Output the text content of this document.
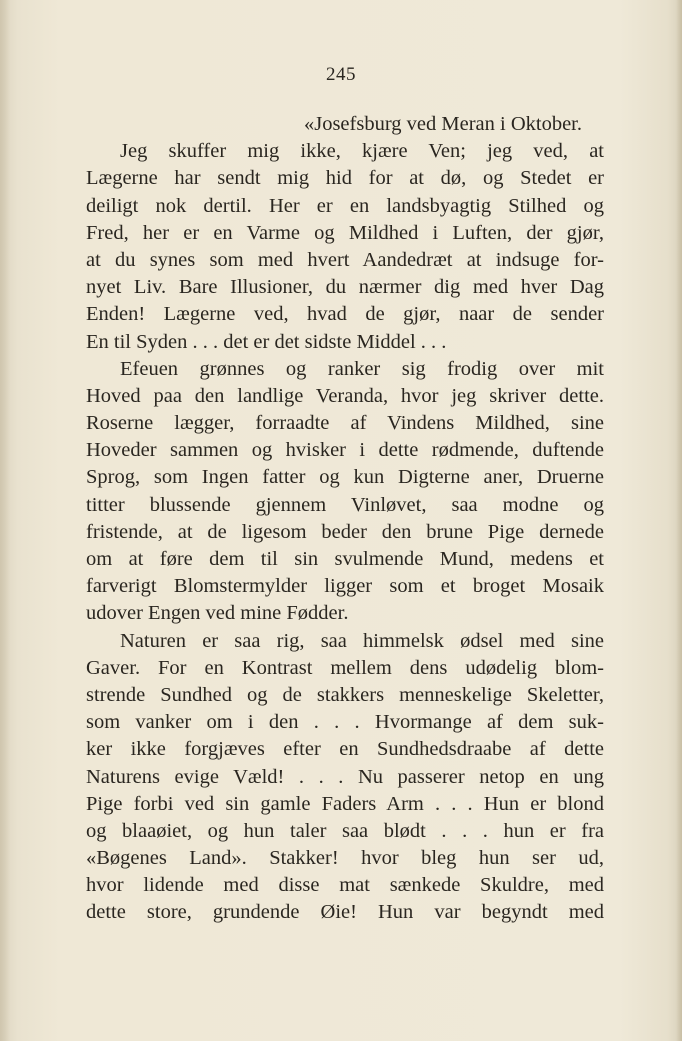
245
«Josefsburg ved Meran i Oktober.
Jeg skuffer mig ikke, kjære Ven; jeg ved, at
Lægerne har sendt mig hid for at dø, og Stedet er
deiligt nok dertil. Her er en landsbyagtig Stilhed og
Fred, her er en Varme og Mildhed i Luften, der gjør,
at du synes som med hvert Aandedræt at indsuge for-
nyet Liv. Bare Illusioner, du nærmer dig med hver Dag
Enden! Lægerne ved, hvad de gjør, naar de sender
En til Syden . . . det er det sidste Middel . . .
Efeuen grønnes og ranker sig frodig over mit
Hoved paa den landlige Veranda, hvor jeg skriver dette.
Roserne lægger, forraadte af Vindens Mildhed, sine
Hoveder sammen og hvisker i dette rødmende, duftende
Sprog, som Ingen fatter og kun Digterne aner, Druerne
titter blussende gjennem Vinløvet, saa modne og
fristende, at de ligesom beder den brune Pige dernede
om at føre dem til sin svulmende Mund, medens et
farverigt Blomstermylder ligger som et broget Mosaik
udover Engen ved mine Fødder.
Naturen er saa rig, saa himmelsk ødsel med sine
Gaver. For en Kontrast mellem dens udødelig blom-
strende Sundhed og de stakkers menneskelige Skeletter,
som vanker om i den . . . Hvormange af dem suk-
ker ikke forgjæves efter en Sundhedsdraabe af dette
Naturens evige Væld! . . . Nu passerer netop en ung
Pige forbi ved sin gamle Faders Arm . . . Hun er blond
og blaaøiet, og hun taler saa blødt . . . hun er fra
«Bøgenes Land». Stakker! hvor bleg hun ser ud,
hvor lidende med disse mat sænkede Skuldre, med
dette store, grundende Øie! Hun var begyndt med
